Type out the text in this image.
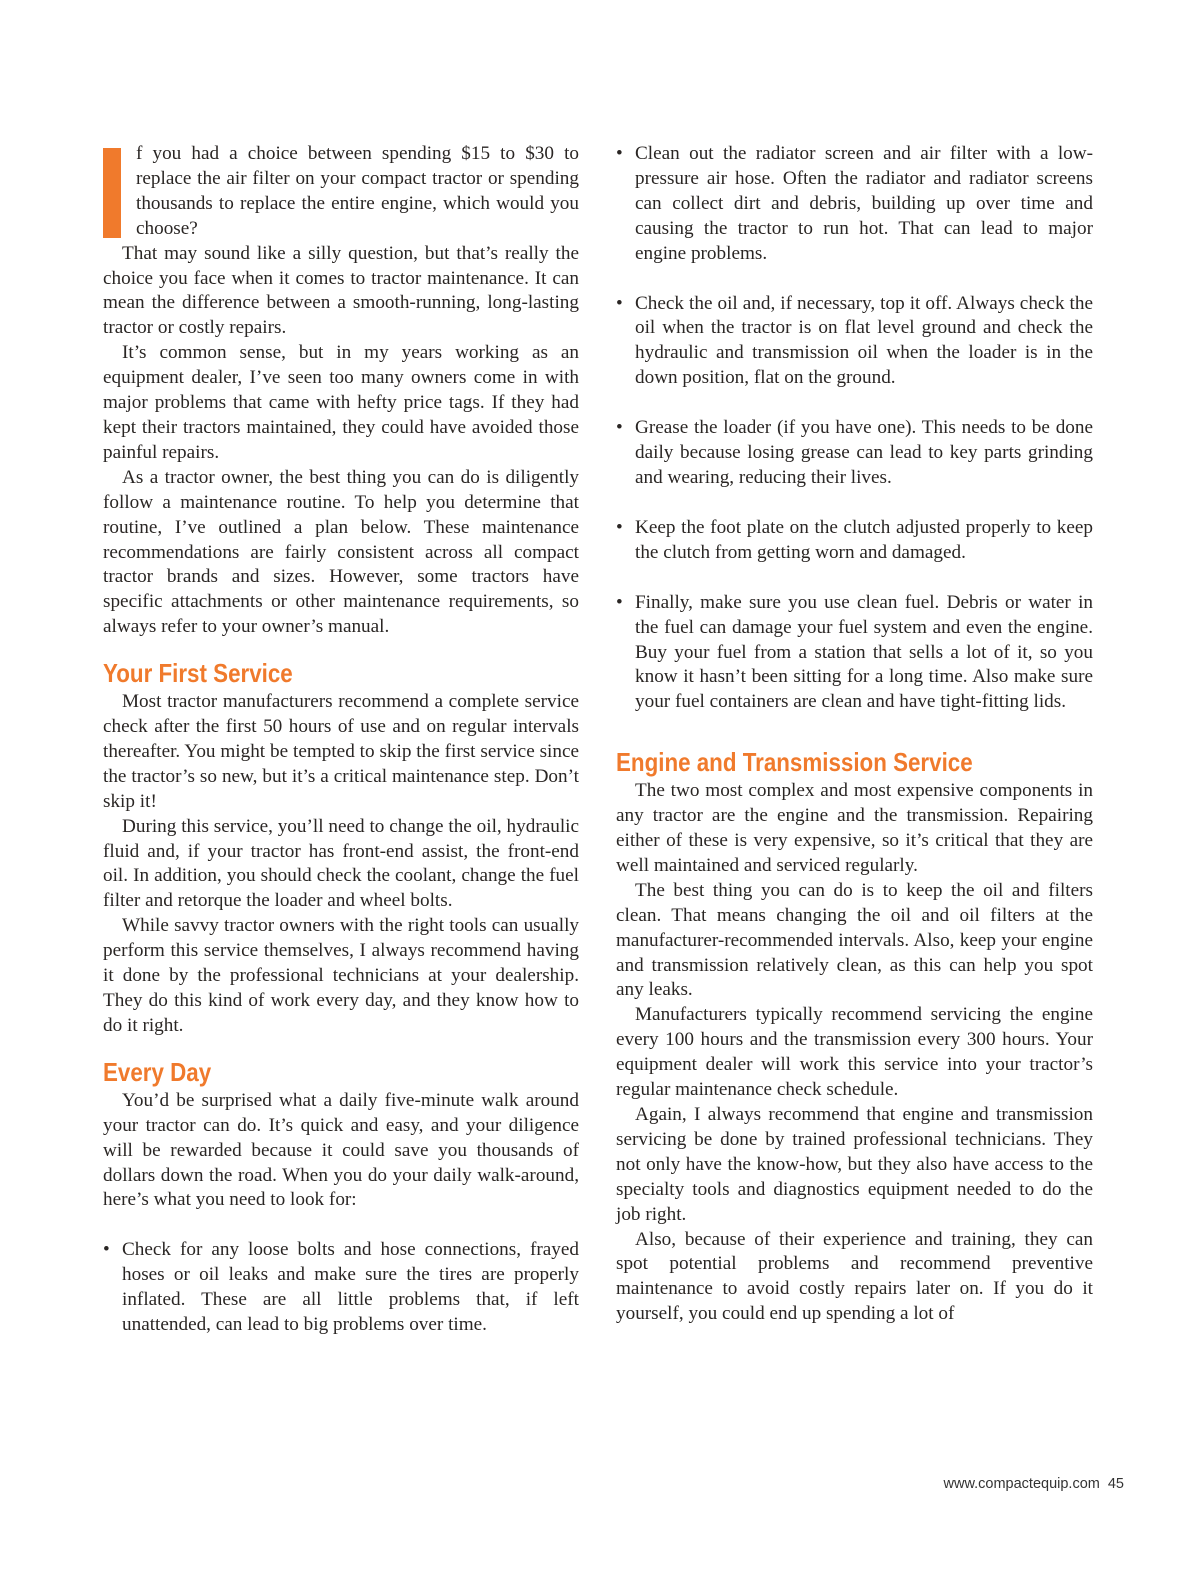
f you had a choice between spending $15 to $30 to replace the air filter on your compact tractor or spending thousands to replace the entire engine, which would you choose?

That may sound like a silly question, but that’s really the choice you face when it comes to tractor maintenance. It can mean the difference between a smooth-running, long-lasting tractor or costly repairs.

It’s common sense, but in my years working as an equipment dealer, I’ve seen too many owners come in with major problems that came with hefty price tags. If they had kept their tractors maintained, they could have avoided those painful repairs.

As a tractor owner, the best thing you can do is diligently follow a maintenance routine. To help you determine that routine, I’ve outlined a plan below. These maintenance recommendations are fairly consistent across all compact tractor brands and sizes. However, some tractors have specific attachments or other maintenance requirements, so always refer to your owner’s manual.

Your First Service

Most tractor manufacturers recommend a complete service check after the first 50 hours of use and on regular intervals thereafter. You might be tempted to skip the first service since the tractor’s so new, but it’s a critical maintenance step. Don’t skip it!

During this service, you’ll need to change the oil, hydraulic fluid and, if your tractor has front-end assist, the front-end oil. In addition, you should check the coolant, change the fuel filter and retorque the loader and wheel bolts.

While savvy tractor owners with the right tools can usually perform this service themselves, I always recommend having it done by the professional technicians at your dealership. They do this kind of work every day, and they know how to do it right.

Every Day

You’d be surprised what a daily five-minute walk around your tractor can do. It’s quick and easy, and your diligence will be rewarded because it could save you thousands of dollars down the road. When you do your daily walk-around, here’s what you need to look for:

• Check for any loose bolts and hose connections, frayed hoses or oil leaks and make sure the tires are properly inflated. These are all little problems that, if left unattended, can lead to big problems over time.
• Clean out the radiator screen and air filter with a low-pressure air hose. Often the radiator and radiator screens can collect dirt and debris, building up over time and causing the tractor to run hot. That can lead to major engine problems.
• Check the oil and, if necessary, top it off. Always check the oil when the tractor is on flat level ground and check the hydraulic and transmission oil when the loader is in the down position, flat on the ground.
• Grease the loader (if you have one). This needs to be done daily because losing grease can lead to key parts grinding and wearing, reducing their lives.
• Keep the foot plate on the clutch adjusted properly to keep the clutch from getting worn and damaged.
• Finally, make sure you use clean fuel. Debris or water in the fuel can damage your fuel system and even the engine. Buy your fuel from a station that sells a lot of it, so you know it hasn’t been sitting for a long time. Also make sure your fuel containers are clean and have tight-fitting lids.
Engine and Transmission Service

The two most complex and most expensive components in any tractor are the engine and the transmission. Repairing either of these is very expensive, so it’s critical that they are well maintained and serviced regularly.

The best thing you can do is to keep the oil and filters clean. That means changing the oil and oil filters at the manufacturer-recommended intervals. Also, keep your engine and transmission relatively clean, as this can help you spot any leaks.

Manufacturers typically recommend servicing the engine every 100 hours and the transmission every 300 hours. Your equipment dealer will work this service into your tractor’s regular maintenance check schedule.

Again, I always recommend that engine and transmission servicing be done by trained professional technicians. They not only have the know-how, but they also have access to the specialty tools and diagnostics equipment needed to do the job right.

Also, because of their experience and training, they can spot potential problems and recommend preventive maintenance to avoid costly repairs later on. If you do it yourself, you could end up spending a lot of

www.compactequip.com 45
